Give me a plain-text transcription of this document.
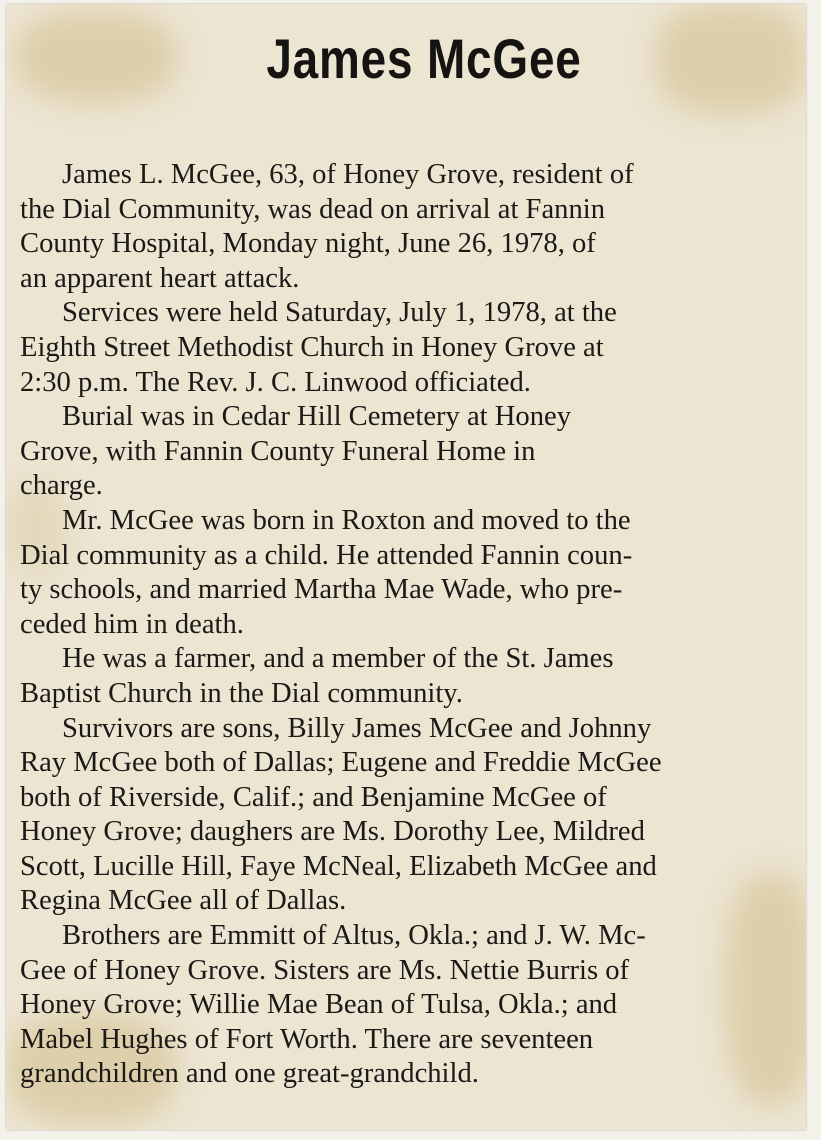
James McGee
James L. McGee, 63, of Honey Grove, resident of
the Dial Community, was dead on arrival at Fannin
County Hospital, Monday night, June 26, 1978, of
an apparent heart attack.
Services were held Saturday, July 1, 1978, at the
Eighth Street Methodist Church in Honey Grove at
2:30 p.m. The Rev. J. C. Linwood officiated.
Burial was in Cedar Hill Cemetery at Honey
Grove, with Fannin County Funeral Home in
charge.
Mr. McGee was born in Roxton and moved to the
Dial community as a child. He attended Fannin coun-
ty schools, and married Martha Mae Wade, who pre-
ceded him in death.
He was a farmer, and a member of the St. James
Baptist Church in the Dial community.
Survivors are sons, Billy James McGee and Johnny
Ray McGee both of Dallas; Eugene and Freddie McGee
both of Riverside, Calif.; and Benjamine McGee of
Honey Grove; daughers are Ms. Dorothy Lee, Mildred
Scott, Lucille Hill, Faye McNeal, Elizabeth McGee and
Regina McGee all of Dallas.
Brothers are Emmitt of Altus, Okla.; and J. W. Mc-
Gee of Honey Grove. Sisters are Ms. Nettie Burris of
Honey Grove; Willie Mae Bean of Tulsa, Okla.; and
Mabel Hughes of Fort Worth. There are seventeen
grandchildren and one great-grandchild.
